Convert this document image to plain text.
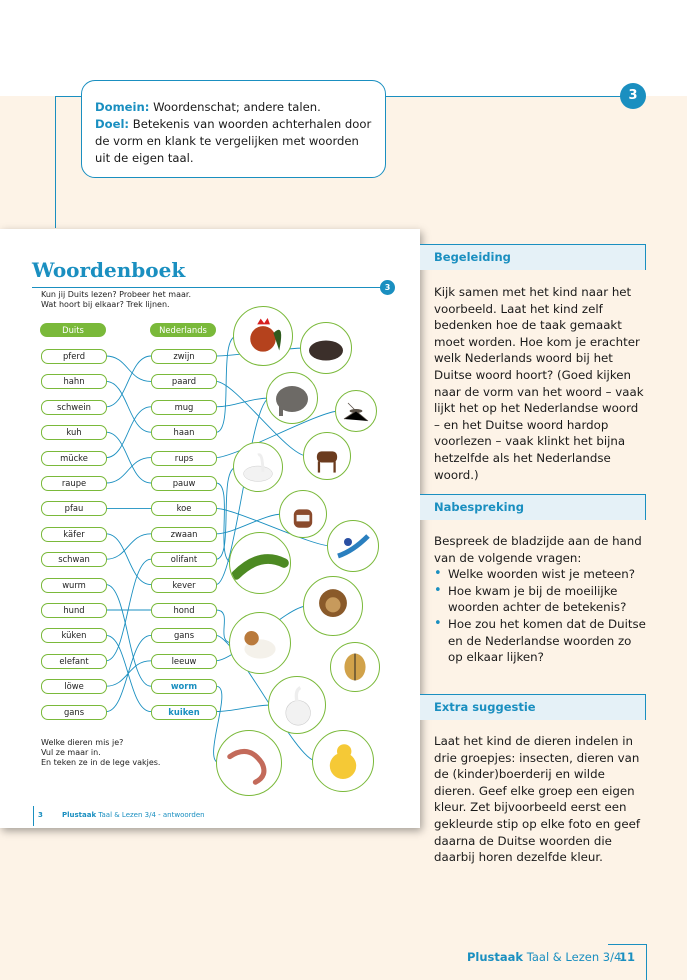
Domein: Woordenschat; andere talen.
Doel: Betekenis van woorden achterhalen door de vorm en klank te vergelijken met woorden uit de eigen taal.
3
Woordenboek
3
Kun jij Duits lezen? Probeer het maar.
Wat hoort bij elkaar? Trek lijnen.
Duits	Nederlands
pferd
hahn
schwein
kuh
mücke
raupe
pfau
käfer
schwan
wurm
hund
küken
elefant
löwe
gans
zwijn
paard
mug
haan
rups
pauw
koe
zwaan
olifant
kever
hond
gans
leeuw
worm
kuiken
Welke dieren mis je?
Vul ze maar in.
En teken ze in de lege vakjes.
3	Plustaak Taal & Lezen 3/4 - antwoorden
Begeleiding
Kijk samen met het kind naar het voorbeeld. Laat het kind zelf bedenken hoe de taak gemaakt moet worden. Hoe kom je erachter welk Nederlands woord bij het Duitse woord hoort? (Goed kijken naar de vorm van het woord – vaak lijkt het op het Nederlandse woord – en het Duitse woord hardop voorlezen – vaak klinkt het bijna hetzelfde als het Nederlandse woord.)
Nabespreking
Bespreek de bladzijde aan de hand van de volgende vragen:
• Welke woorden wist je meteen?
• Hoe kwam je bij de moeilijke woorden achter de betekenis?
• Hoe zou het komen dat de Duitse en de Nederlandse woorden zo op elkaar lijken?
Extra suggestie
Laat het kind de dieren indelen in drie groepjes: insecten, dieren van de (kinder)boerderij en wilde dieren. Geef elke groep een eigen kleur. Zet bijvoorbeeld eerst een gekleurde stip op elke foto en geef daarna de Duitse woorden die daarbij horen dezelfde kleur.
Plustaak Taal & Lezen 3/4
11
